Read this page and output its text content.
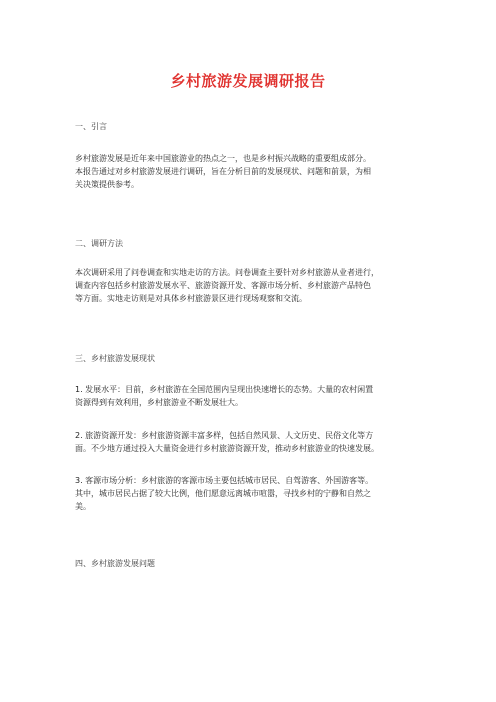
乡村旅游发展调研报告
一、引言
乡村旅游发展是近年来中国旅游业的热点之一，也是乡村振兴战略的重要组成部分。
本报告通过对乡村旅游发展进行调研，旨在分析目前的发展现状、问题和前景，为相
关决策提供参考。
二、调研方法
本次调研采用了问卷调查和实地走访的方法。问卷调查主要针对乡村旅游从业者进行，
调查内容包括乡村旅游发展水平、旅游资源开发、客源市场分析、乡村旅游产品特色
等方面。实地走访则是对具体乡村旅游景区进行现场观察和交流。
三、乡村旅游发展现状
1. 发展水平：目前，乡村旅游在全国范围内呈现出快速增长的态势。大量的农村闲置
资源得到有效利用，乡村旅游业不断发展壮大。
2. 旅游资源开发：乡村旅游资源丰富多样，包括自然风景、人文历史、民俗文化等方
面。不少地方通过投入大量资金进行乡村旅游资源开发，推动乡村旅游业的快速发展。
3. 客源市场分析：乡村旅游的客源市场主要包括城市居民、自驾游客、外国游客等。
其中，城市居民占据了较大比例，他们愿意远离城市喧嚣，寻找乡村的宁静和自然之
美。
四、乡村旅游发展问题
